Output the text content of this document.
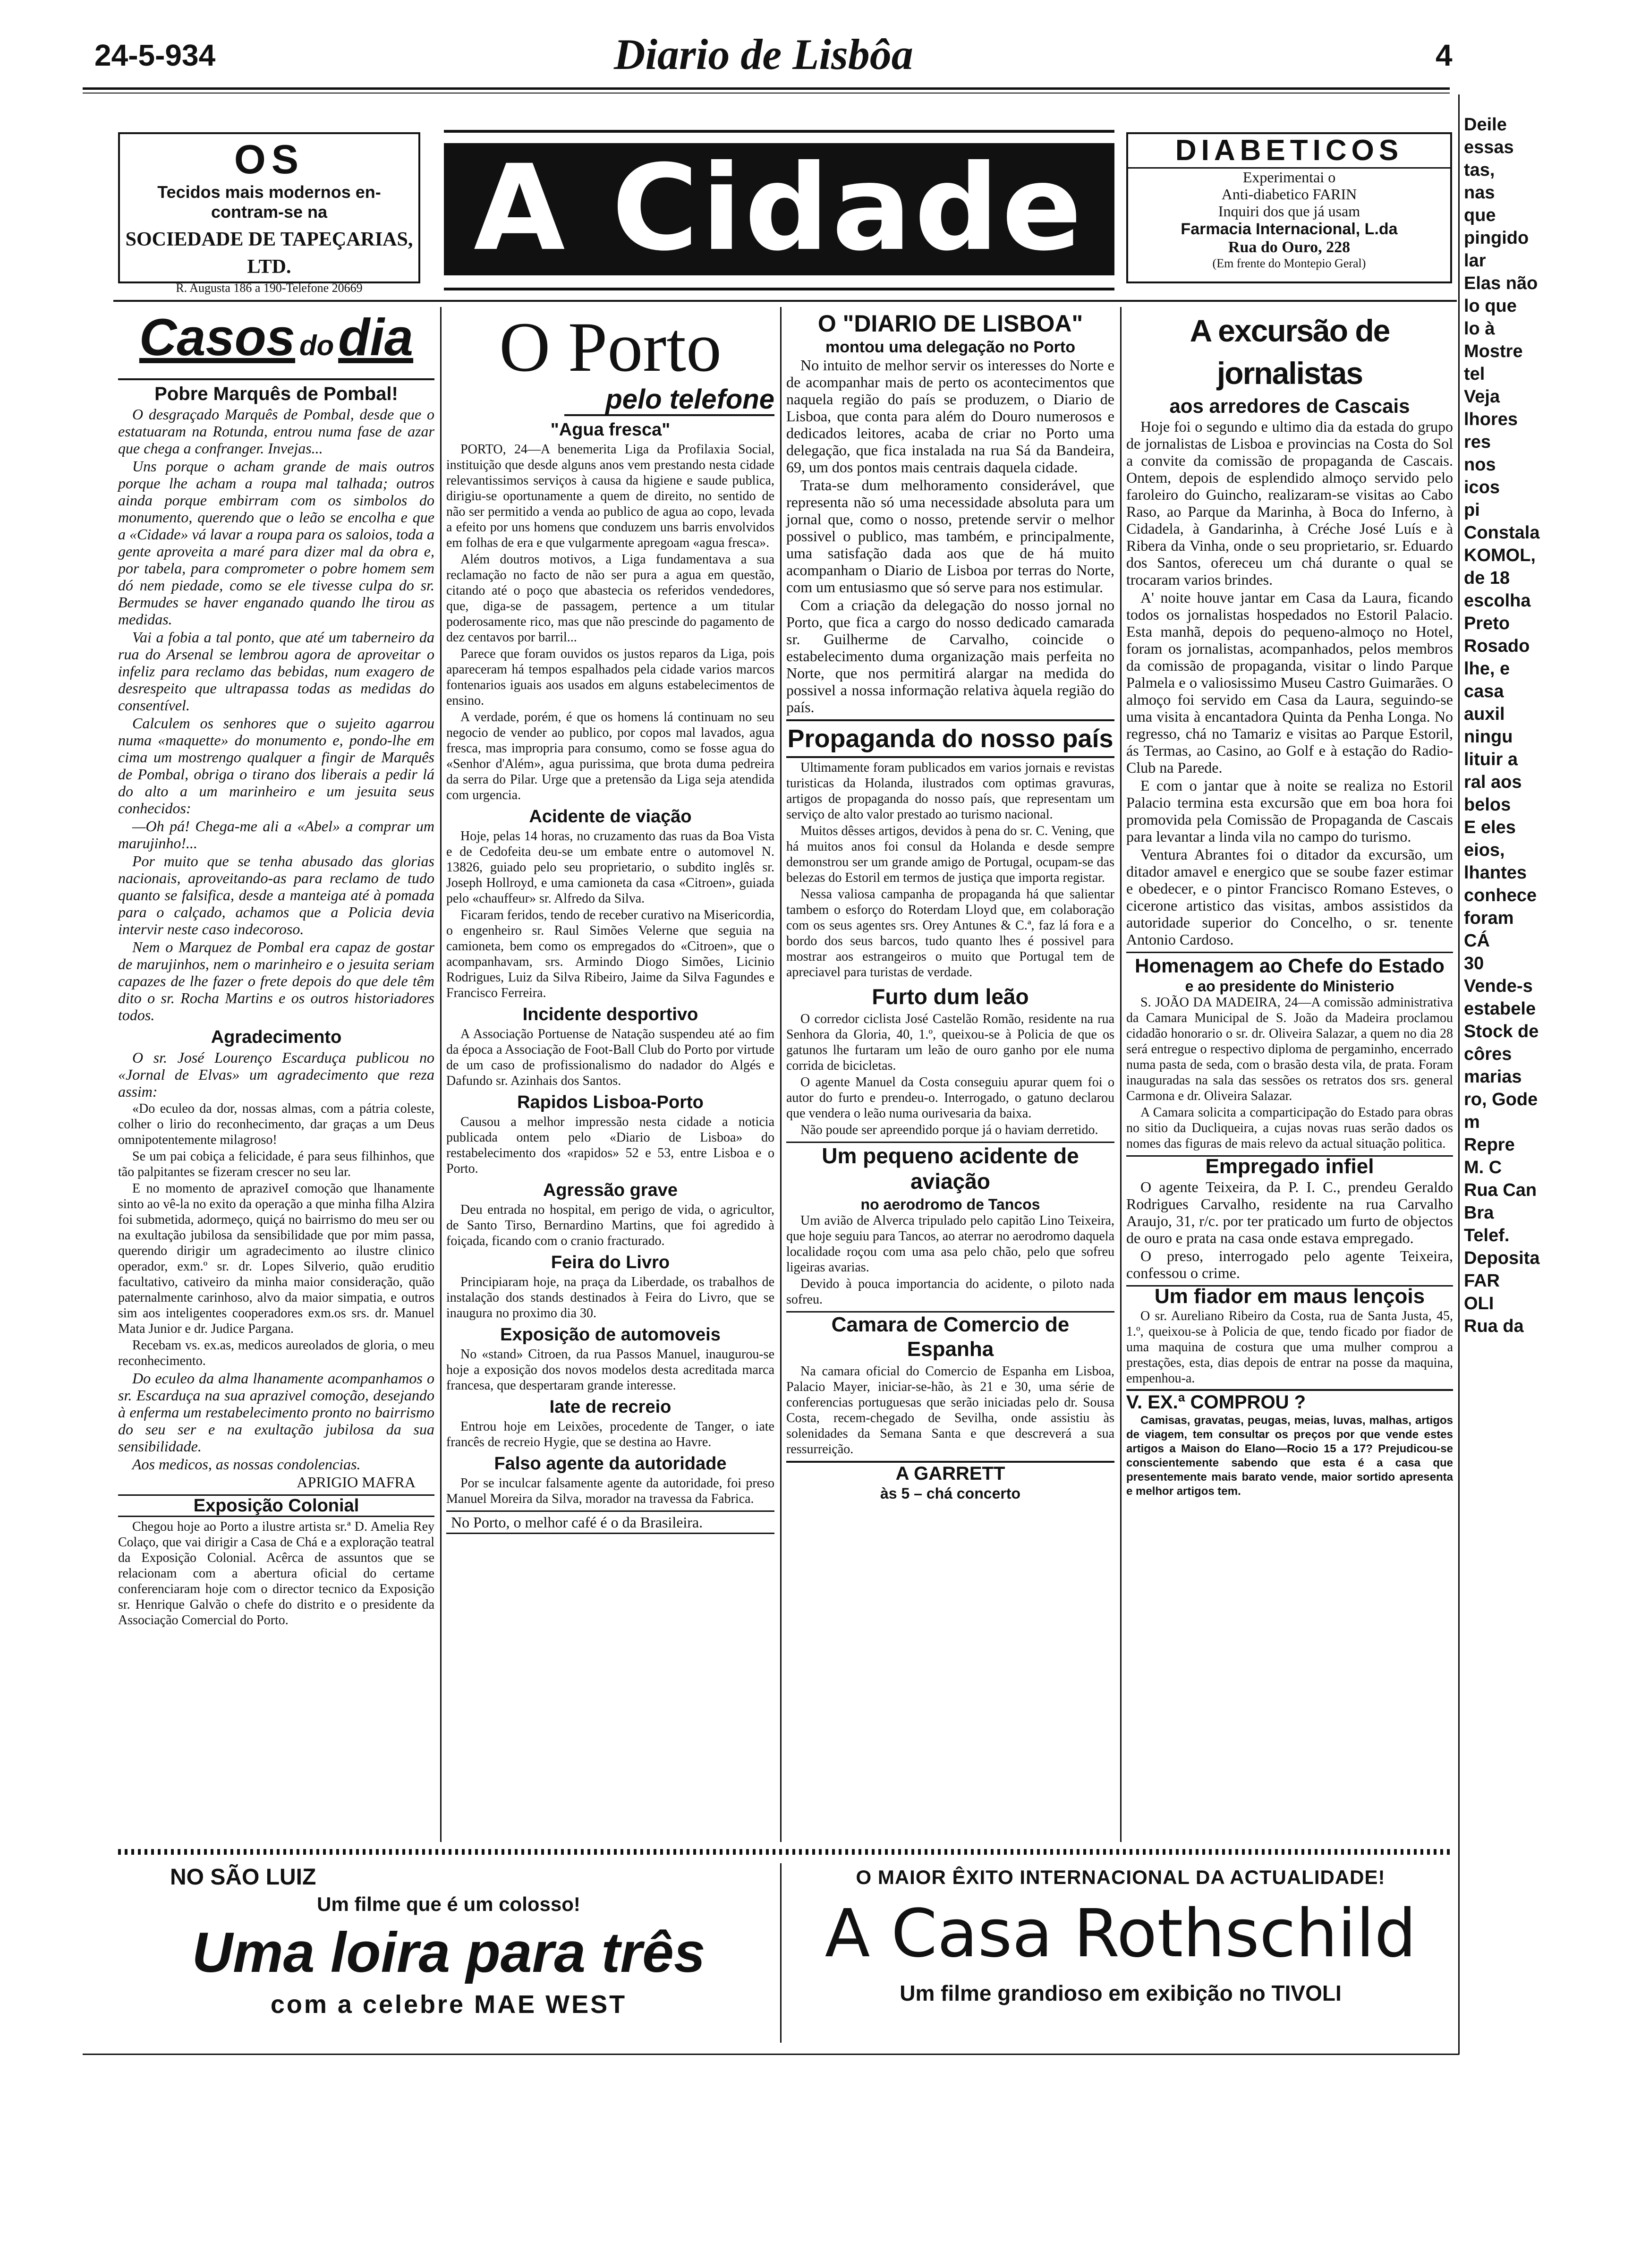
24-5-934	Diario de Lisbôa	4
OS
Tecidos mais modernos en-
contram-se na
SOCIEDADE DE TAPEÇARIAS, LTD.
R. Augusta 186 a 190-Telefone 20669
A Cidade	DIABETICOS
Experimentai o
Anti-diabetico FARIN
Inquiri dos que já usam
Farmacia Internacional, L.da
Rua do Ouro, 228
(Em frente do Montepio Geral)
Casos do dia
Pobre Marquês de Pombal!

O desgraçado Marquês de Pombal, desde que o estatuaram na Rotunda, entrou numa fase de azar que chega a confranger. Invejas...

Uns porque o acham grande de mais outros porque lhe acham a roupa mal talhada; outros ainda porque embirram com os simbolos do monumento, querendo que o leão se encolha e que a «Cidade» vá lavar a roupa para os saloios, toda a gente aproveita a maré para dizer mal da obra e, por tabela, para comprometer o pobre homem sem dó nem piedade, como se ele tivesse culpa do sr. Bermudes se haver enganado quando lhe tirou as medidas.

Vai a fobia a tal ponto, que até um taberneiro da rua do Arsenal se lembrou agora de aproveitar o infeliz para reclamo das bebidas, num exagero de desrespeito que ultrapassa todas as medidas do consentível.

Calculem os senhores que o sujeito agarrou numa «maquette» do monumento e, pondo-lhe em cima um mostrengo qualquer a fingir de Marquês de Pombal, obriga o tirano dos liberais a pedir lá do alto a um marinheiro e um jesuita seus conhecidos:

—Oh pá! Chega-me ali a «Abel» a comprar um marujinho!...

Por muito que se tenha abusado das glorias nacionais, aproveitando-as para reclamo de tudo quanto se falsifica, desde a manteiga até à pomada para o calçado, achamos que a Policia devia intervir neste caso indecoroso.

Nem o Marquez de Pombal era capaz de gostar de marujinhos, nem o marinheiro e o jesuita seriam capazes de lhe fazer o frete depois do que dele têm dito o sr. Rocha Martins e os outros historiadores todos.

Agradecimento

O sr. José Lourenço Escarduça publicou no «Jornal de Elvas» um agradecimento que reza assim:

«Do eculeo da dor, nossas almas, com a pátria coleste, colher o lirio do reconhecimento, dar graças a um Deus omnipotentemente milagroso!

Se um pai cobiça a felicidade, é para seus filhinhos, que tão palpitantes se fizeram crescer no seu lar.

E no momento de apraziveI comoção que lhanamente sinto ao vê-la no exito da operação a que minha filha Alzira foi submetida, adormeço, quiçá no bairrismo do meu ser ou na exultação jubilosa da sensibilidade que por mim passa, querendo dirigir um agradecimento ao ilustre clinico operador, exm.º sr. dr. Lopes Silverio, quão eruditio facultativo, cativeiro da minha maior consideração, quão paternalmente carinhoso, alvo da maior simpatia, e outros sim aos inteligentes cooperadores exm.os srs. dr. Manuel Mata Junior e dr. Judice Pargana.

Recebam vs. ex.as, medicos aureolados de gloria, o meu reconhecimento.

Do eculeo da alma lhanamente acompanhamos o sr. Escarduça na sua aprazivel comoção, desejando à enferma um restabelecimento pronto no bairrismo do seu ser e na exultação jubilosa da sua sensibilidade.

Aos medicos, as nossas condolencias.

APRIGIO MAFRA
Exposição Colonial

Chegou hoje ao Porto a ilustre artista sr.ª D. Amelia Rey Colaço, que vai dirigir a Casa de Chá e a exploração teatral da Exposição Colonial. Acêrca de assuntos que se relacionam com a abertura oficial do certame conferenciaram hoje com o director tecnico da Exposição sr. Henrique Galvão o chefe do distrito e o presidente da Associação Comercial do Porto.

O Porto
pelo telefone
"Agua fresca"

PORTO, 24—A benemerita Liga da Profilaxia Social, instituição que desde alguns anos vem prestando nesta cidade relevantissimos serviços à causa da higiene e saude publica, dirigiu-se oportunamente a quem de direito, no sentido de não ser permitido a venda ao publico de agua ao copo, levada a efeito por uns homens que conduzem uns barris envolvidos em folhas de era e que vulgarmente apregoam «agua fresca».

Além doutros motivos, a Liga fundamentava a sua reclamação no facto de não ser pura a agua em questão, citando até o poço que abastecia os referidos vendedores, que, diga-se de passagem, pertence a um titular poderosamente rico, mas que não prescinde do pagamento de dez centavos por barril...

Parece que foram ouvidos os justos reparos da Liga, pois apareceram há tempos espalhados pela cidade varios marcos fontenarios iguais aos usados em alguns estabelecimentos de ensino.

A verdade, porém, é que os homens lá continuam no seu negocio de vender ao publico, por copos mal lavados, agua fresca, mas impropria para consumo, como se fosse agua do «Senhor d'Além», agua purissima, que brota duma pedreira da serra do Pilar. Urge que a pretensão da Liga seja atendida com urgencia.

Acidente de viação

Hoje, pelas 14 horas, no cruzamento das ruas da Boa Vista e de Cedofeita deu-se um embate entre o automovel N. 13826, guiado pelo seu proprietario, o subdito inglês sr. Joseph Hollroyd, e uma camioneta da casa «Citroen», guiada pelo «chauffeur» sr. Alfredo da Silva.

Ficaram feridos, tendo de receber curativo na Misericordia, o engenheiro sr. Raul Simões Velerne que seguia na camioneta, bem como os empregados do «Citroen», que o acompanhavam, srs. Armindo Diogo Simões, Licinio Rodrigues, Luiz da Silva Ribeiro, Jaime da Silva Fagundes e Francisco Ferreira.

Incidente desportivo

A Associação Portuense de Natação suspendeu até ao fim da época a Associação de Foot-Ball Club do Porto por virtude de um caso de profissionalismo do nadador do Algés e Dafundo sr. Azinhais dos Santos.

Rapidos Lisboa-Porto

Causou a melhor impressão nesta cidade a noticia publicada ontem pelo «Diario de Lisboa» do restabelecimento dos «rapidos» 52 e 53, entre Lisboa e o Porto.

Agressão grave

Deu entrada no hospital, em perigo de vida, o agricultor, de Santo Tirso, Bernardino Martins, que foi agredido à foiçada, ficando com o cranio fracturado.

Feira do Livro

Principiaram hoje, na praça da Liberdade, os trabalhos de instalação dos stands destinados à Feira do Livro, que se inaugura no proximo dia 30.

Exposição de automoveis

No «stand» Citroen, da rua Passos Manuel, inaugurou-se hoje a exposição dos novos modelos desta acreditada marca francesa, que despertaram grande interesse.

Iate de recreio

Entrou hoje em Leixões, procedente de Tanger, o iate francês de recreio Hygie, que se destina ao Havre.

Falso agente da autoridade

Por se inculcar falsamente agente da autoridade, foi preso Manuel Moreira da Silva, morador na travessa da Fabrica.

No Porto, o melhor café é o da Brasileira.
O "DIARIO DE LISBOA"
montou uma delegação no Porto

No intuito de melhor servir os interesses do Norte e de acompanhar mais de perto os acontecimentos que naquela região do país se produzem, o Diario de Lisboa, que conta para além do Douro numerosos e dedicados leitores, acaba de criar no Porto uma delegação, que fica instalada na rua Sá da Bandeira, 69, um dos pontos mais centrais daquela cidade.

Trata-se dum melhoramento considerável, que representa não só uma necessidade absoluta para um jornal que, como o nosso, pretende servir o melhor possivel o publico, mas também, e principalmente, uma satisfação dada aos que de há muito acompanham o Diario de Lisboa por terras do Norte, com um entusiasmo que só serve para nos estimular.

Com a criação da delegação do nosso jornal no Porto, que fica a cargo do nosso dedicado camarada sr. Guilherme de Carvalho, coincide o estabelecimento duma organização mais perfeita no Norte, que nos permitirá alargar na medida do possivel a nossa informação relativa àquela região do país.

Propaganda do nosso país

Ultimamente foram publicados em varios jornais e revistas turisticas da Holanda, ilustrados com optimas gravuras, artigos de propaganda do nosso país, que representam um serviço de alto valor prestado ao turismo nacional.

Muitos dêsses artigos, devidos à pena do sr. C. Vening, que há muitos anos foi consul da Holanda e desde sempre demonstrou ser um grande amigo de Portugal, ocupam-se das belezas do Estoril em termos de justiça que importa registar.

Nessa valiosa campanha de propaganda há que salientar tambem o esforço do Roterdam Lloyd que, em colaboração com os seus agentes srs. Orey Antunes & C.ª, faz lá fora e a bordo dos seus barcos, tudo quanto lhes é possivel para mostrar aos estrangeiros o muito que Portugal tem de apreciavel para turistas de verdade.

Furto dum leão

O corredor ciclista José Castelão Romão, residente na rua Senhora da Gloria, 40, 1.º, queixou-se à Policia de que os gatunos lhe furtaram um leão de ouro ganho por ele numa corrida de bicicletas.

O agente Manuel da Costa conseguiu apurar quem foi o autor do furto e prendeu-o. Interrogado, o gatuno declarou que vendera o leão numa ourivesaria da baixa.

Não poude ser apreendido porque já o haviam derretido.

Um pequeno acidente de aviação
no aerodromo de Tancos

Um avião de Alverca tripulado pelo capitão Lino Teixeira, que hoje seguiu para Tancos, ao aterrar no aerodromo daquela localidade roçou com uma asa pelo chão, pelo que sofreu ligeiras avarias.

Devido à pouca importancia do acidente, o piloto nada sofreu.

Camara de Comercio de Espanha

Na camara oficial do Comercio de Espanha em Lisboa, Palacio Mayer, iniciar-se-hão, às 21 e 30, uma série de conferencias portuguesas que serão iniciadas pelo dr. Sousa Costa, recem-chegado de Sevilha, onde assistiu às solenidades da Semana Santa e que descreverá a sua ressurreição.

A GARRETT
às 5 – chá concerto
A excursão de jornalistas
aos arredores de Cascais

Hoje foi o segundo e ultimo dia da estada do grupo de jornalistas de Lisboa e provincias na Costa do Sol a convite da comissão de propaganda de Cascais. Ontem, depois de esplendido almoço servido pelo faroleiro do Guincho, realizaram-se visitas ao Cabo Raso, ao Parque da Marinha, à Boca do Inferno, à Cidadela, à Gandarinha, à Créche José Luís e à Ribera da Vinha, onde o seu proprietario, sr. Eduardo dos Santos, ofereceu um chá durante o qual se trocaram varios brindes.

A' noite houve jantar em Casa da Laura, ficando todos os jornalistas hospedados no Estoril Palacio. Esta manhã, depois do pequeno-almoço no Hotel, foram os jornalistas, acompanhados, pelos membros da comissão de propaganda, visitar o lindo Parque Palmela e o valiosissimo Museu Castro Guimarães. O almoço foi servido em Casa da Laura, seguindo-se uma visita à encantadora Quinta da Penha Longa. No regresso, chá no Tamariz e visitas ao Parque Estoril, ás Termas, ao Casino, ao Golf e à estação do Radio-Club na Parede.

E com o jantar que à noite se realiza no Estoril Palacio termina esta excursão que em boa hora foi promovida pela Comissão de Propaganda de Cascais para levantar a linda vila no campo do turismo.

Ventura Abrantes foi o ditador da excursão, um ditador amavel e energico que se soube fazer estimar e obedecer, e o pintor Francisco Romano Esteves, o cicerone artistico das visitas, ambos assistidos da autoridade superior do Concelho, o sr. tenente Antonio Cardoso.

Homenagem ao Chefe do Estado
e ao presidente do Ministerio

S. JOÃO DA MADEIRA, 24—A comissão administrativa da Camara Municipal de S. João da Madeira proclamou cidadão honorario o sr. dr. Oliveira Salazar, a quem no dia 28 será entregue o respectivo diploma de pergaminho, encerrado numa pasta de seda, com o brasão desta vila, de prata. Foram inauguradas na sala das sessões os retratos dos srs. general Carmona e dr. Oliveira Salazar.

A Camara solicita a comparticipação do Estado para obras no sitio da Ducliqueira, a cujas novas ruas serão dados os nomes das figuras de mais relevo da actual situação politica.

Empregado infiel

O agente Teixeira, da P. I. C., prendeu Geraldo Rodrigues Carvalho, residente na rua Carvalho Araujo, 31, r/c. por ter praticado um furto de objectos de ouro e prata na casa onde estava empregado.

O preso, interrogado pelo agente Teixeira, confessou o crime.

Um fiador em maus lençois

O sr. Aureliano Ribeiro da Costa, rua de Santa Justa, 45, 1.º, queixou-se à Policia de que, tendo ficado por fiador de uma maquina de costura que uma mulher comprou a prestações, esta, dias depois de entrar na posse da maquina, empenhou-a.

V. EX.ª COMPROU ?

Camisas, gravatas, peugas, meias, luvas, malhas, artigos de viagem, tem consultar os preços por que vende estes artigos a Maison do Elano—Rocio 15 a 17? Prejudicou-se conscientemente sabendo que esta é a casa que presentemente mais barato vende, maior sortido apresenta e melhor artigos tem.

Deile
essas
tas,
nas
que
pingido
lar
Elas não
lo que
lo à
Mostre
tel
Veja
lhores
res
nos
icos
pi
Constala
KOMOL,
de 18
escolha
Preto
Rosado
lhe, e
casa
auxil
ningu
lituir a
ral aos
belos
E eles
eios,
lhantes
conhece
foram
CÁ
30
Vende-s
estabele
Stock de
côres
marias
ro, Gode
m
Repre
M. C
Rua Can
Bra
Telef.
Deposita
FAR
OLI
Rua da
NO SÃO LUIZ
Um filme que é um colosso!
Uma loira para três
com a celebre MAE WEST
O MAIOR ÊXITO INTERNACIONAL DA ACTUALIDADE!
A Casa Rothschild
Um filme grandioso em exibição no TIVOLI
